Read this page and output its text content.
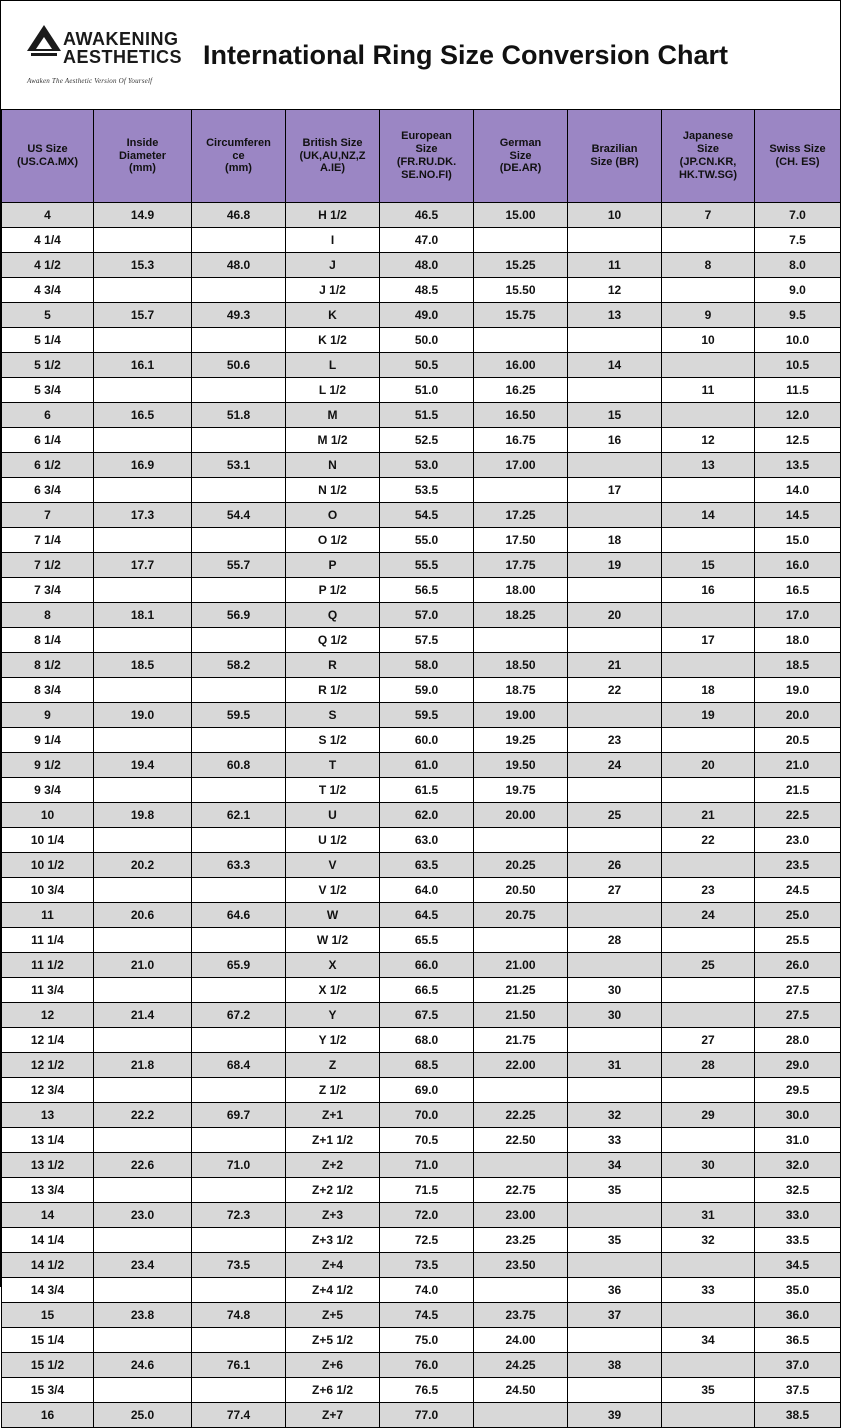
AWAKENING
AESTHETICS
Awaken The Aesthetic Version Of Yourself
International Ring Size Conversion Chart
US Size
(US.CA.MX)

Inside
Diameter
(mm)

Circumferen
ce
(mm)

British Size
(UK,AU,NZ,Z
A.IE)

European
Size
(FR.RU.DK.
SE.NO.FI)

German
Size
(DE.AR)

Brazilian
Size (BR)

Japanese
Size
(JP.CN.KR,
HK.TW.SG)

Swiss Size
(CH. ES)

4	14.9	46.8	H 1/2	46.5	15.00	10	7	7.0
4 1/4			I	47.0				7.5
4 1/2	15.3	48.0	J	48.0	15.25	11	8	8.0
4 3/4			J 1/2	48.5	15.50	12		9.0
5	15.7	49.3	K	49.0	15.75	13	9	9.5
5 1/4			K 1/2	50.0			10	10.0
5 1/2	16.1	50.6	L	50.5	16.00	14		10.5
5 3/4			L 1/2	51.0	16.25		11	11.5
6	16.5	51.8	M	51.5	16.50	15		12.0
6 1/4			M 1/2	52.5	16.75	16	12	12.5
6 1/2	16.9	53.1	N	53.0	17.00		13	13.5
6 3/4			N 1/2	53.5		17		14.0
7	17.3	54.4	O	54.5	17.25		14	14.5
7 1/4			O 1/2	55.0	17.50	18		15.0
7 1/2	17.7	55.7	P	55.5	17.75	19	15	16.0
7 3/4			P 1/2	56.5	18.00		16	16.5
8	18.1	56.9	Q	57.0	18.25	20		17.0
8 1/4			Q 1/2	57.5			17	18.0
8 1/2	18.5	58.2	R	58.0	18.50	21		18.5
8 3/4			R 1/2	59.0	18.75	22	18	19.0
9	19.0	59.5	S	59.5	19.00		19	20.0
9 1/4			S 1/2	60.0	19.25	23		20.5
9 1/2	19.4	60.8	T	61.0	19.50	24	20	21.0
9 3/4			T 1/2	61.5	19.75			21.5
10	19.8	62.1	U	62.0	20.00	25	21	22.5
10 1/4			U 1/2	63.0			22	23.0
10 1/2	20.2	63.3	V	63.5	20.25	26		23.5
10 3/4			V 1/2	64.0	20.50	27	23	24.5
11	20.6	64.6	W	64.5	20.75		24	25.0
11 1/4			W 1/2	65.5		28		25.5
11 1/2	21.0	65.9	X	66.0	21.00		25	26.0
11 3/4			X 1/2	66.5	21.25	30		27.5
12	21.4	67.2	Y	67.5	21.50	30		27.5
12 1/4			Y 1/2	68.0	21.75		27	28.0
12 1/2	21.8	68.4	Z	68.5	22.00	31	28	29.0
12 3/4			Z 1/2	69.0				29.5
13	22.2	69.7	Z+1	70.0	22.25	32	29	30.0
13 1/4			Z+1 1/2	70.5	22.50	33		31.0
13 1/2	22.6	71.0	Z+2	71.0		34	30	32.0
13 3/4			Z+2 1/2	71.5	22.75	35		32.5
14	23.0	72.3	Z+3	72.0	23.00		31	33.0
14 1/4			Z+3 1/2	72.5	23.25	35	32	33.5
14 1/2	23.4	73.5	Z+4	73.5	23.50			34.5
14 3/4			Z+4 1/2	74.0		36	33	35.0
15	23.8	74.8	Z+5	74.5	23.75	37		36.0
15 1/4			Z+5 1/2	75.0	24.00		34	36.5
15 1/2	24.6	76.1	Z+6	76.0	24.25	38		37.0
15 3/4			Z+6 1/2	76.5	24.50		35	37.5
16	25.0	77.4	Z+7	77.0		39		38.5
